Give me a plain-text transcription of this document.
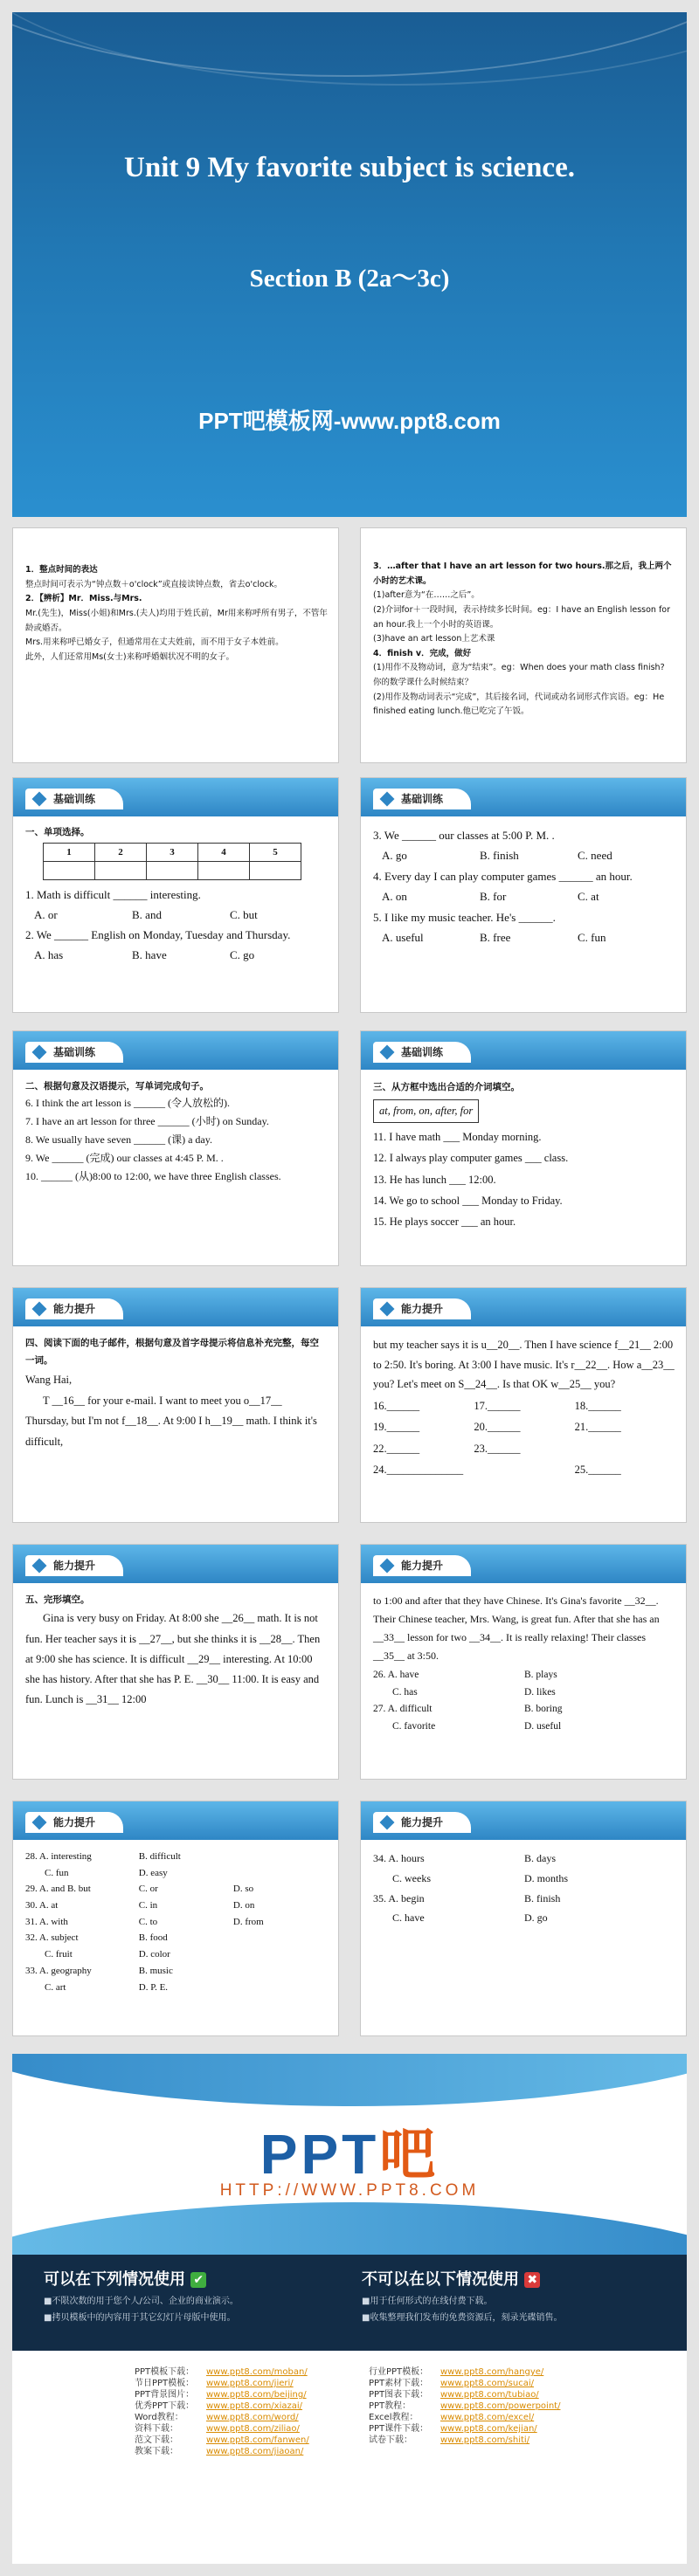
Unit 9 My favorite subject is science.
Section B (2a～3c)
PPT吧模板网-www.ppt8.com
1．整点时间的表达
整点时间可表示为“钟点数＋o'clock”或直接读钟点数，省去o'clock。
2．【辨析】Mr．Miss.与Mrs.
Mr.(先生)，Miss(小姐)和Mrs.(夫人)均用于姓氏前，Mr用来称呼所有男子，不管年龄或婚否。
Mrs.用来称呼已婚女子，但通常用在丈夫姓前，而不用于女子本姓前。
此外，人们还常用Ms(女士)来称呼婚姻状况不明的女子。
3．…after that I have an art lesson for two hours.那之后，我上两个小时的艺术课。
(1)after意为“在……之后”。
(2)介词for＋一段时间，表示持续多长时间。eg：I have an English lesson for an hour.我上一个小时的英语课。
(3)have an art lesson上艺术课
4．finish v．完成，做好
(1)用作不及物动词，意为“结束”。eg：When does your math class finish? 你的数学课什么时候结束？
(2)用作及物动词表示“完成”，其后接名词，代词或动名词形式作宾语。eg：He finished eating lunch.他已吃完了午饭。
基础训练
一、单项选择。
1	2	3	4	5

1. Math is difficult ______ interesting.
A. or	B. and	C. but
2. We ______ English on Monday, Tuesday and Thursday.
A. has	B. have	C. go
基础训练
3. We ______ our classes at 5:00 P. M. .
A. go	B. finish	C. need
4. Every day I can play computer games ______ an hour.
A. on	B. for	C. at
5. I like my music teacher. He's ______.
A. useful	B. free	C. fun
基础训练
二、根据句意及汉语提示，写单词完成句子。
6. I think the art lesson is ______ (令人放松的).
7. I have an art lesson for three ______ (小时) on Sunday.
8. We usually have seven ______ (课) a day.
9. We ______ (完成) our classes at 4:45 P. M. .
10. ______ (从)8:00 to 12:00, we have three English classes.
基础训练
三、从方框中选出合适的介词填空。
at, from, on, after, for
11. I have math ___ Monday morning.
12. I always play computer games ___ class.
13. He has lunch ___ 12:00.
14. We go to school ___ Monday to Friday.
15. He plays soccer ___ an hour.
能力提升
四、阅读下面的电子邮件，根据句意及首字母提示将信息补充完整，每空一词。
Wang Hai,
T __16__ for your e-mail. I want to meet you o__17__ Thursday, but I'm not f__18__. At 9:00 I h__19__ math. I think it's difficult,
能力提升
but my teacher says it is u__20__. Then I have science f__21__ 2:00 to 2:50. It's boring. At 3:00 I have music. It's r__22__. How a__23__ you? Let's meet on S__24__. Is that OK w__25__ you?
16.______	17.______	18.______
19.______	20.______	21.______
22.______	23.______
24.______________	25.______
能力提升
五、完形填空。
Gina is very busy on Friday. At 8:00 she __26__ math. It is not fun. Her teacher says it is __27__, but she thinks it is __28__. Then at 9:00 she has science. It is difficult __29__ interesting. At 10:00 she has history. After that she has P. E. __30__ 11:00. It is easy and fun. Lunch is __31__ 12:00
能力提升
to 1:00 and after that they have Chinese. It's Gina's favorite __32__. Their Chinese teacher, Mrs. Wang, is great fun. After that she has an __33__ lesson for two __34__. It is really relaxing! Their classes __35__ at 3:50.
26. A. have	B. plays
C. has	D. likes
27. A. difficult	B. boring
C. favorite	D. useful
能力提升
28. A. interesting	B. difficult
C. fun	D. easy
29. A. and B. but	C. or	D. so
30. A. at	C. in	D. on
31. A. with	C. to	D. from
32. A. subject	B. food
C. fruit	D. color
33. A. geography	B. music
C. art	D. P. E.
能力提升
34. A. hours	B. days
C. weeks	D. months
35. A. begin	B. finish
C. have	D. go
PPT吧
HTTP://WWW.PPT8.COM
可以在下列情况使用 ✔
■不限次数的用于您个人/公司、企业的商业演示。
■拷贝模板中的内容用于其它幻灯片母版中使用。
不可以在以下情况使用 ✖
■用于任何形式的在线付费下载。
■收集整理我们发布的免费资源后，刻录光碟销售。
PPT模板下载： www.ppt8.com/moban/
节日PPT模板： www.ppt8.com/jieri/
PPT背景图片： www.ppt8.com/beijing/
优秀PPT下载： www.ppt8.com/xiazai/
Word教程：	www.ppt8.com/word/
资料下载：	www.ppt8.com/ziliao/
范文下载：	www.ppt8.com/fanwen/
教案下载：	www.ppt8.com/jiaoan/
行业PPT模板： www.ppt8.com/hangye/
PPT素材下载： www.ppt8.com/sucai/
PPT图表下载： www.ppt8.com/tubiao/
PPT教程：	www.ppt8.com/powerpoint/
Excel教程：	www.ppt8.com/excel/
PPT课件下载： www.ppt8.com/kejian/
试卷下载：	www.ppt8.com/shiti/
